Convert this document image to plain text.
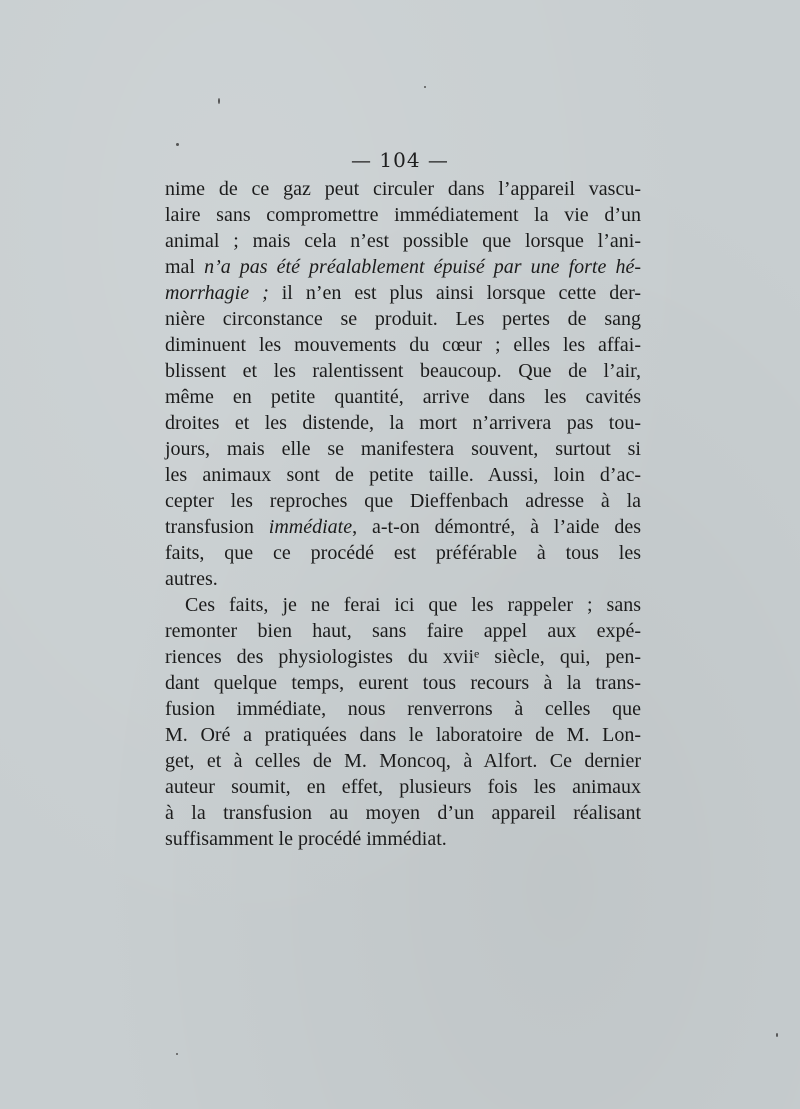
— 104 —
nime de ce gaz peut circuler dans l’appareil vascu-
laire sans compromettre immédiatement la vie d’un
animal ; mais cela n’est possible que lorsque l’ani-
mal n’a pas été préalablement épuisé par une forte hé-
morrhagie ; il n’en est plus ainsi lorsque cette der-
nière circonstance se produit. Les pertes de sang
diminuent les mouvements du cœur ; elles les affai-
blissent et les ralentissent beaucoup. Que de l’air,
même en petite quantité, arrive dans les cavités
droites et les distende, la mort n’arrivera pas tou-
jours, mais elle se manifestera souvent, surtout si
les animaux sont de petite taille. Aussi, loin d’ac-
cepter les reproches que Dieffenbach adresse à la
transfusion immédiate, a-t-on démontré, à l’aide des
faits, que ce procédé est préférable à tous les
autres.
Ces faits, je ne ferai ici que les rappeler ; sans
remonter bien haut, sans faire appel aux expé-
riences des physiologistes du xviiᵉ siècle, qui, pen-
dant quelque temps, eurent tous recours à la trans-
fusion immédiate, nous renverrons à celles que
M. Oré a pratiquées dans le laboratoire de M. Lon-
get, et à celles de M. Moncoq, à Alfort. Ce dernier
auteur soumit, en effet, plusieurs fois les animaux
à la transfusion au moyen d’un appareil réalisant
suffisamment le procédé immédiat.
